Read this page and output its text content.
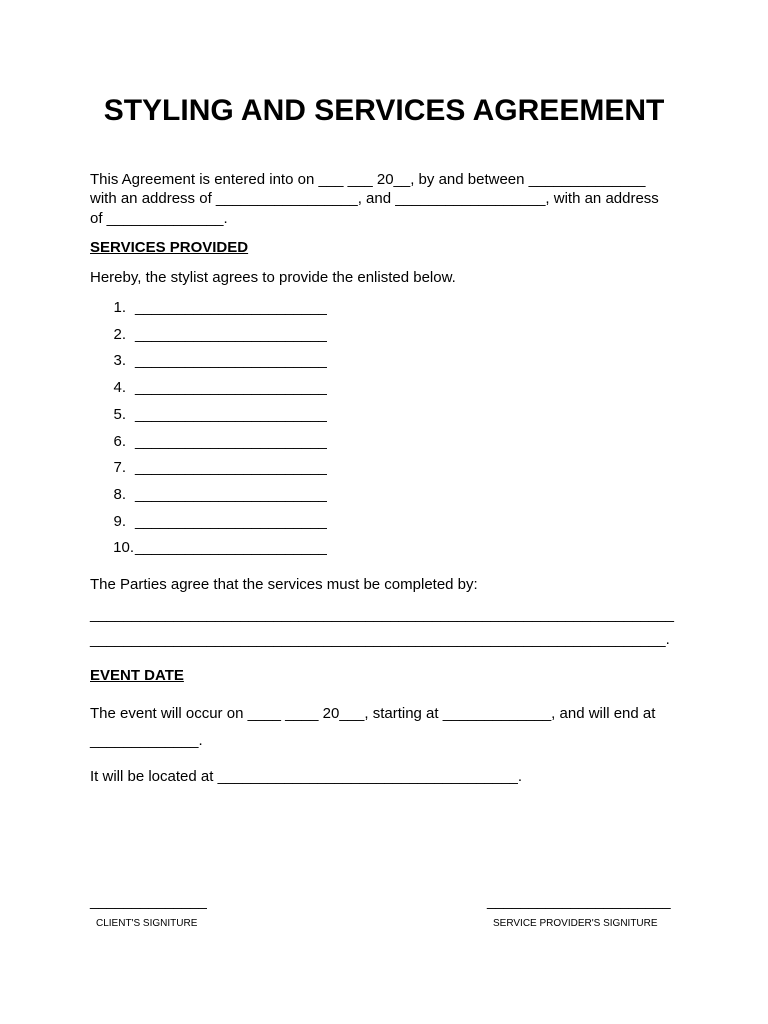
STYLING AND SERVICES AGREEMENT

This Agreement is entered into on ___ ___ 20__, by and between ______________

with an address of _________________, and __________________, with an address

of ______________.

SERVICES PROVIDED

Hereby, the stylist agrees to provide the enlisted below.

1. _______________________
2. _______________________
3. _______________________
4. _______________________
5. _______________________
6. _______________________
7. _______________________
8. _______________________
9. _______________________
10. _______________________

The Parties agree that the services must be completed by:

______________________________________________________________________

_____________________________________________________________________.

EVENT DATE

The event will occur on ____ ____ 20___, starting at _____________, and will end at

_____________.

It will be located at ____________________________________.

______________

CLIENT'S SIGNITURE

______________________

SERVICE PROVIDER'S SIGNITURE
